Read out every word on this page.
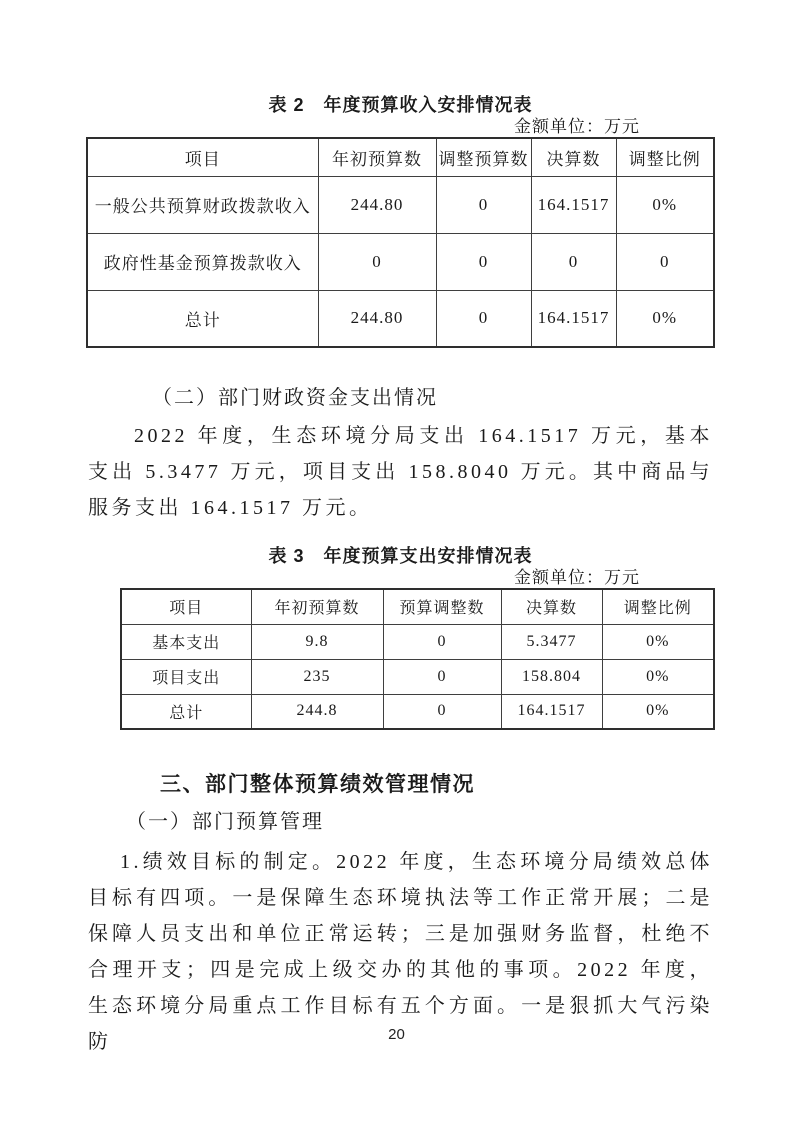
表 2　年度预算收入安排情况表
金额单位：万元
项目	年初预算数	调整预算数	决算数	调整比例
一般公共预算财政拨款收入	244.80	0	164.1517	0%
政府性基金预算拨款收入	0	0	0	0
总计	244.80	0	164.1517	0%
（二）部门财政资金支出情况

2022 年度，生态环境分局支出 164.1517 万元，基本支出 5.3477 万元，项目支出 158.8040 万元。其中商品与服务支出 164.1517 万元。

表 3　年度预算支出安排情况表
金额单位：万元
项目	年初预算数	预算调整数	决算数	调整比例
基本支出	9.8	0	5.3477	0%
项目支出	235	0	158.804	0%
总计	244.8	0	164.1517	0%
三、部门整体预算绩效管理情况
（一）部门预算管理

1.绩效目标的制定。2022 年度，生态环境分局绩效总体目标有四项。一是保障生态环境执法等工作正常开展；二是保障人员支出和单位正常运转；三是加强财务监督，杜绝不合理开支；四是完成上级交办的其他的事项。2022 年度，生态环境分局重点工作目标有五个方面。一是狠抓大气污染防	20
